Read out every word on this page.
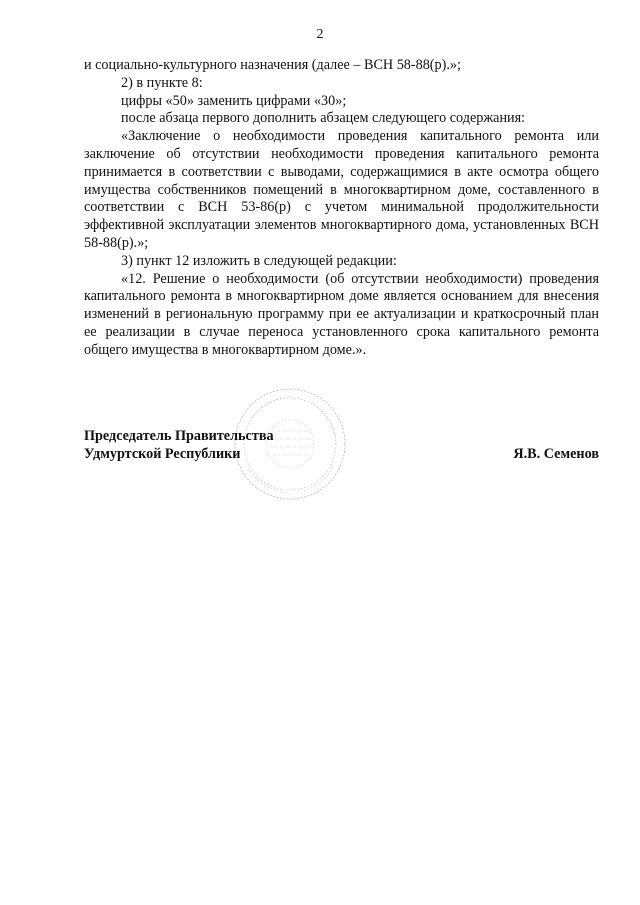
2

и социально-культурного назначения (далее – ВСН 58-88(р).»;

2) в пункте 8:

цифры «50» заменить цифрами «30»;

после абзаца первого дополнить абзацем следующего содержания:

«Заключение о необходимости проведения капитального ремонта или заключение об отсутствии необходимости проведения капитального ремонта принимается в соответствии с выводами, содержащимися в акте осмотра общего имущества собственников помещений в многоквартирном доме, составленного в соответствии с ВСН 53-86(р) с учетом минимальной продолжительности эффективной эксплуатации элементов многоквартирного дома, установленных ВСН 58-88(р).»;

3) пункт 12 изложить в следующей редакции:

«12. Решение о необходимости (об отсутствии необходимости) проведения капитального ремонта в многоквартирном доме является основанием для внесения изменений в региональную программу при ее актуализации и краткосрочный план ее реализации в случае переноса установленного срока капитального ремонта общего имущества в многоквартирном доме.».

Председатель Правительства
Удмуртской Республики	Я.В. Семенов
